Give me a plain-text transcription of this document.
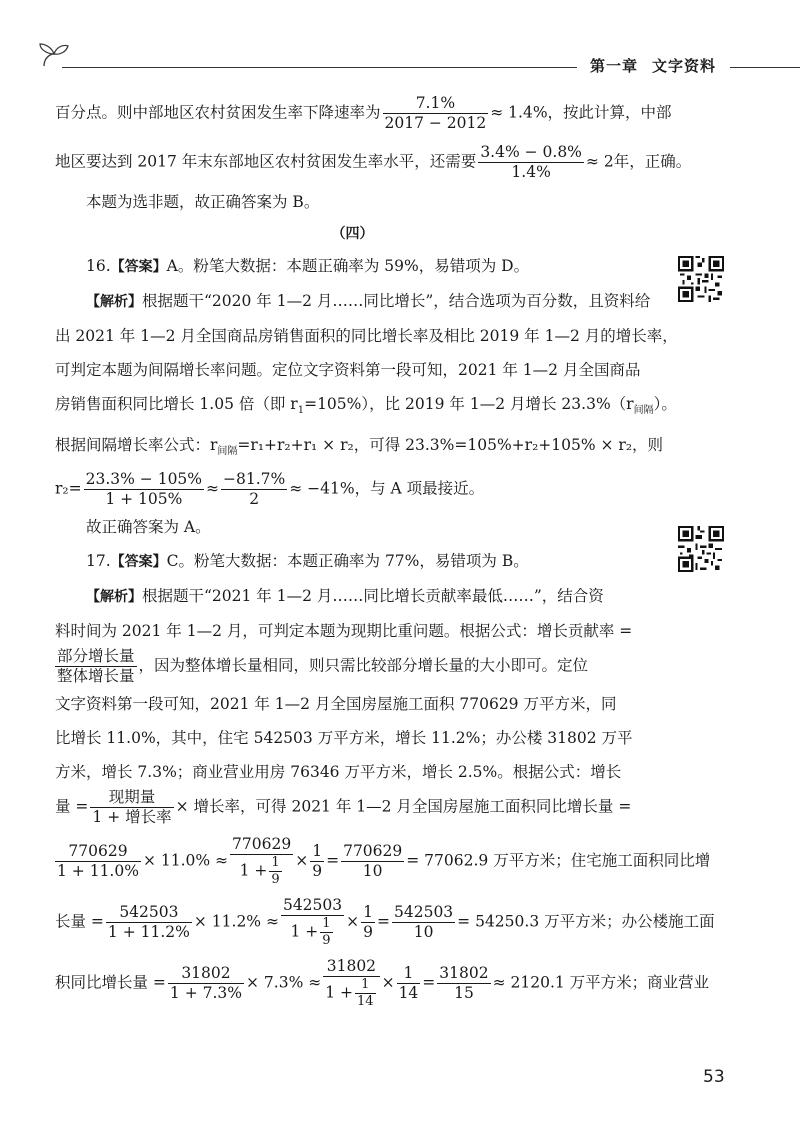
第一章 文字资料
百分点。则中部地区农村贫困发生率下降速率为 $\frac{7.1\%}{2017 - 2012} \approx 1.4\%$，按此计算，中部
地区要达到 2017 年末东部地区农村贫困发生率水平，还需要 $\frac{3.4\% - 0.8\%}{1.4\%} \approx 2$年，正确。
本题为选非题，故正确答案为 B。
（四）
16.【答案】A。粉笔大数据：本题正确率为 59%，易错项为 D。
【解析】根据题干“2020 年 1—2 月……同比增长”，结合选项为百分数，且资料给
出 2021 年 1—2 月全国商品房销售面积的同比增长率及相比 2019 年 1—2 月的增长率，
可判定本题为间隔增长率问题。定位文字资料第一段可知，2021 年 1—2 月全国商品
房销售面积同比增长 1.05 倍（即 $r_1=105\%$），比 2019 年 1—2 月增长 $23.3\%(r_{间隔})$。
根据间隔增长率公式：$r_{间隔}=r_1+r_2+r_1 \times r_2$，可得 23.3%=105%+r₂+105% × r₂，则
$r_2= \frac{23.3\% - 105\%}{1 + 105\%} \approx \frac{-81.7\%}{2} \approx -41\%$，与 A 项最接近。
故正确答案为 A。
17.【答案】C。粉笔大数据：本题正确率为 77%，易错项为 B。
【解析】根据题干“2021 年 1—2 月……同比增长贡献率最低……”，结合资
料时间为 2021 年 1—2 月，可判定本题为现期比重问题。根据公式：增长贡献率 =
$\frac{\text{部分增长量}}{\text{整体增长量}}$ ，因为整体增长量相同，则只需比较部分增长量的大小即可。定位
文字资料第一段可知，2021 年 1—2 月全国房屋施工面积 770629 万平方米，同
比增长 11.0%，其中，住宅 542503 万平方米，增长 11.2%；办公楼 31802 万平
方米，增长 7.3%；商业营业用房 76346 万平方米，增长 2.5%。根据公式：增长
量 = $\frac{\text{现期量}}{\text{1 + 增长率}}$ × 增长率，可得 2021 年 1—2 月全国房屋施工面积同比增长量 =
$\frac{770629}{1 + 11.0\%} \times 11.0\% \approx \frac{770629}{1 + \frac{1}{9}} \times \frac{1}{9} = \frac{770629}{10} = 77062.9$ 万平方米；住宅施工面积同比增
长量 = $\frac{542503}{1 + 11.2\%} \times 11.2\% \approx \frac{542503}{1 + \frac{1}{9}} \times \frac{1}{9} = \frac{542503}{10} = 54250.3$ 万平方米；办公楼施工面
积同比增长量 = $\frac{31802}{1 + 7.3\%} \times 7.3\% \approx \frac{31802}{1 + \frac{1}{14}} \times \frac{1}{14} = \frac{31802}{15} \approx 2120.1$ 万平方米；商业营业
53
